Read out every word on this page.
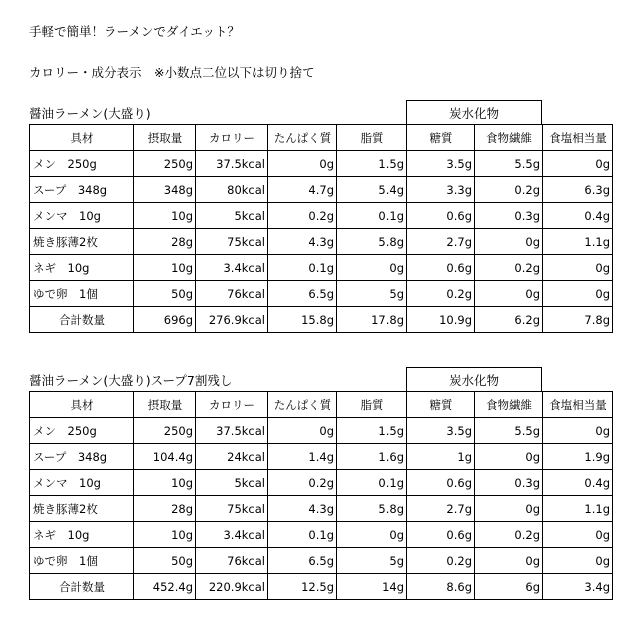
手軽で簡単！ラーメンでダイエット？
カロリー・成分表示　※小数点二位以下は切り捨て
醤油ラーメン(大盛り)	炭水化物
具材	摂取量	カロリー	たんぱく質	脂質	糖質	食物繊維	食塩相当量
メン　250g	250g	37.5kcal	0g	1.5g	3.5g	5.5g	0g
スープ　348g	348g	80kcal	4.7g	5.4g	3.3g	0.2g	6.3g
メンマ　10g	10g	5kcal	0.2g	0.1g	0.6g	0.3g	0.4g
焼き豚薄2枚	28g	75kcal	4.3g	5.8g	2.7g	0g	1.1g
ネギ　10g	10g	3.4kcal	0.1g	0g	0.6g	0.2g	0g
ゆで卵　1個	50g	76kcal	6.5g	5g	0.2g	0g	0g
合計数量	696g	276.9kcal	15.8g	17.8g	10.9g	6.2g	7.8g
醤油ラーメン(大盛り)スープ7割残し	炭水化物
具材	摂取量	カロリー	たんぱく質	脂質	糖質	食物繊維	食塩相当量
メン　250g	250g	37.5kcal	0g	1.5g	3.5g	5.5g	0g
スープ　348g	104.4g	24kcal	1.4g	1.6g	1g	0g	1.9g
メンマ　10g	10g	5kcal	0.2g	0.1g	0.6g	0.3g	0.4g
焼き豚薄2枚	28g	75kcal	4.3g	5.8g	2.7g	0g	1.1g
ネギ　10g	10g	3.4kcal	0.1g	0g	0.6g	0.2g	0g
ゆで卵　1個	50g	76kcal	6.5g	5g	0.2g	0g	0g
合計数量	452.4g	220.9kcal	12.5g	14g	8.6g	6g	3.4g
